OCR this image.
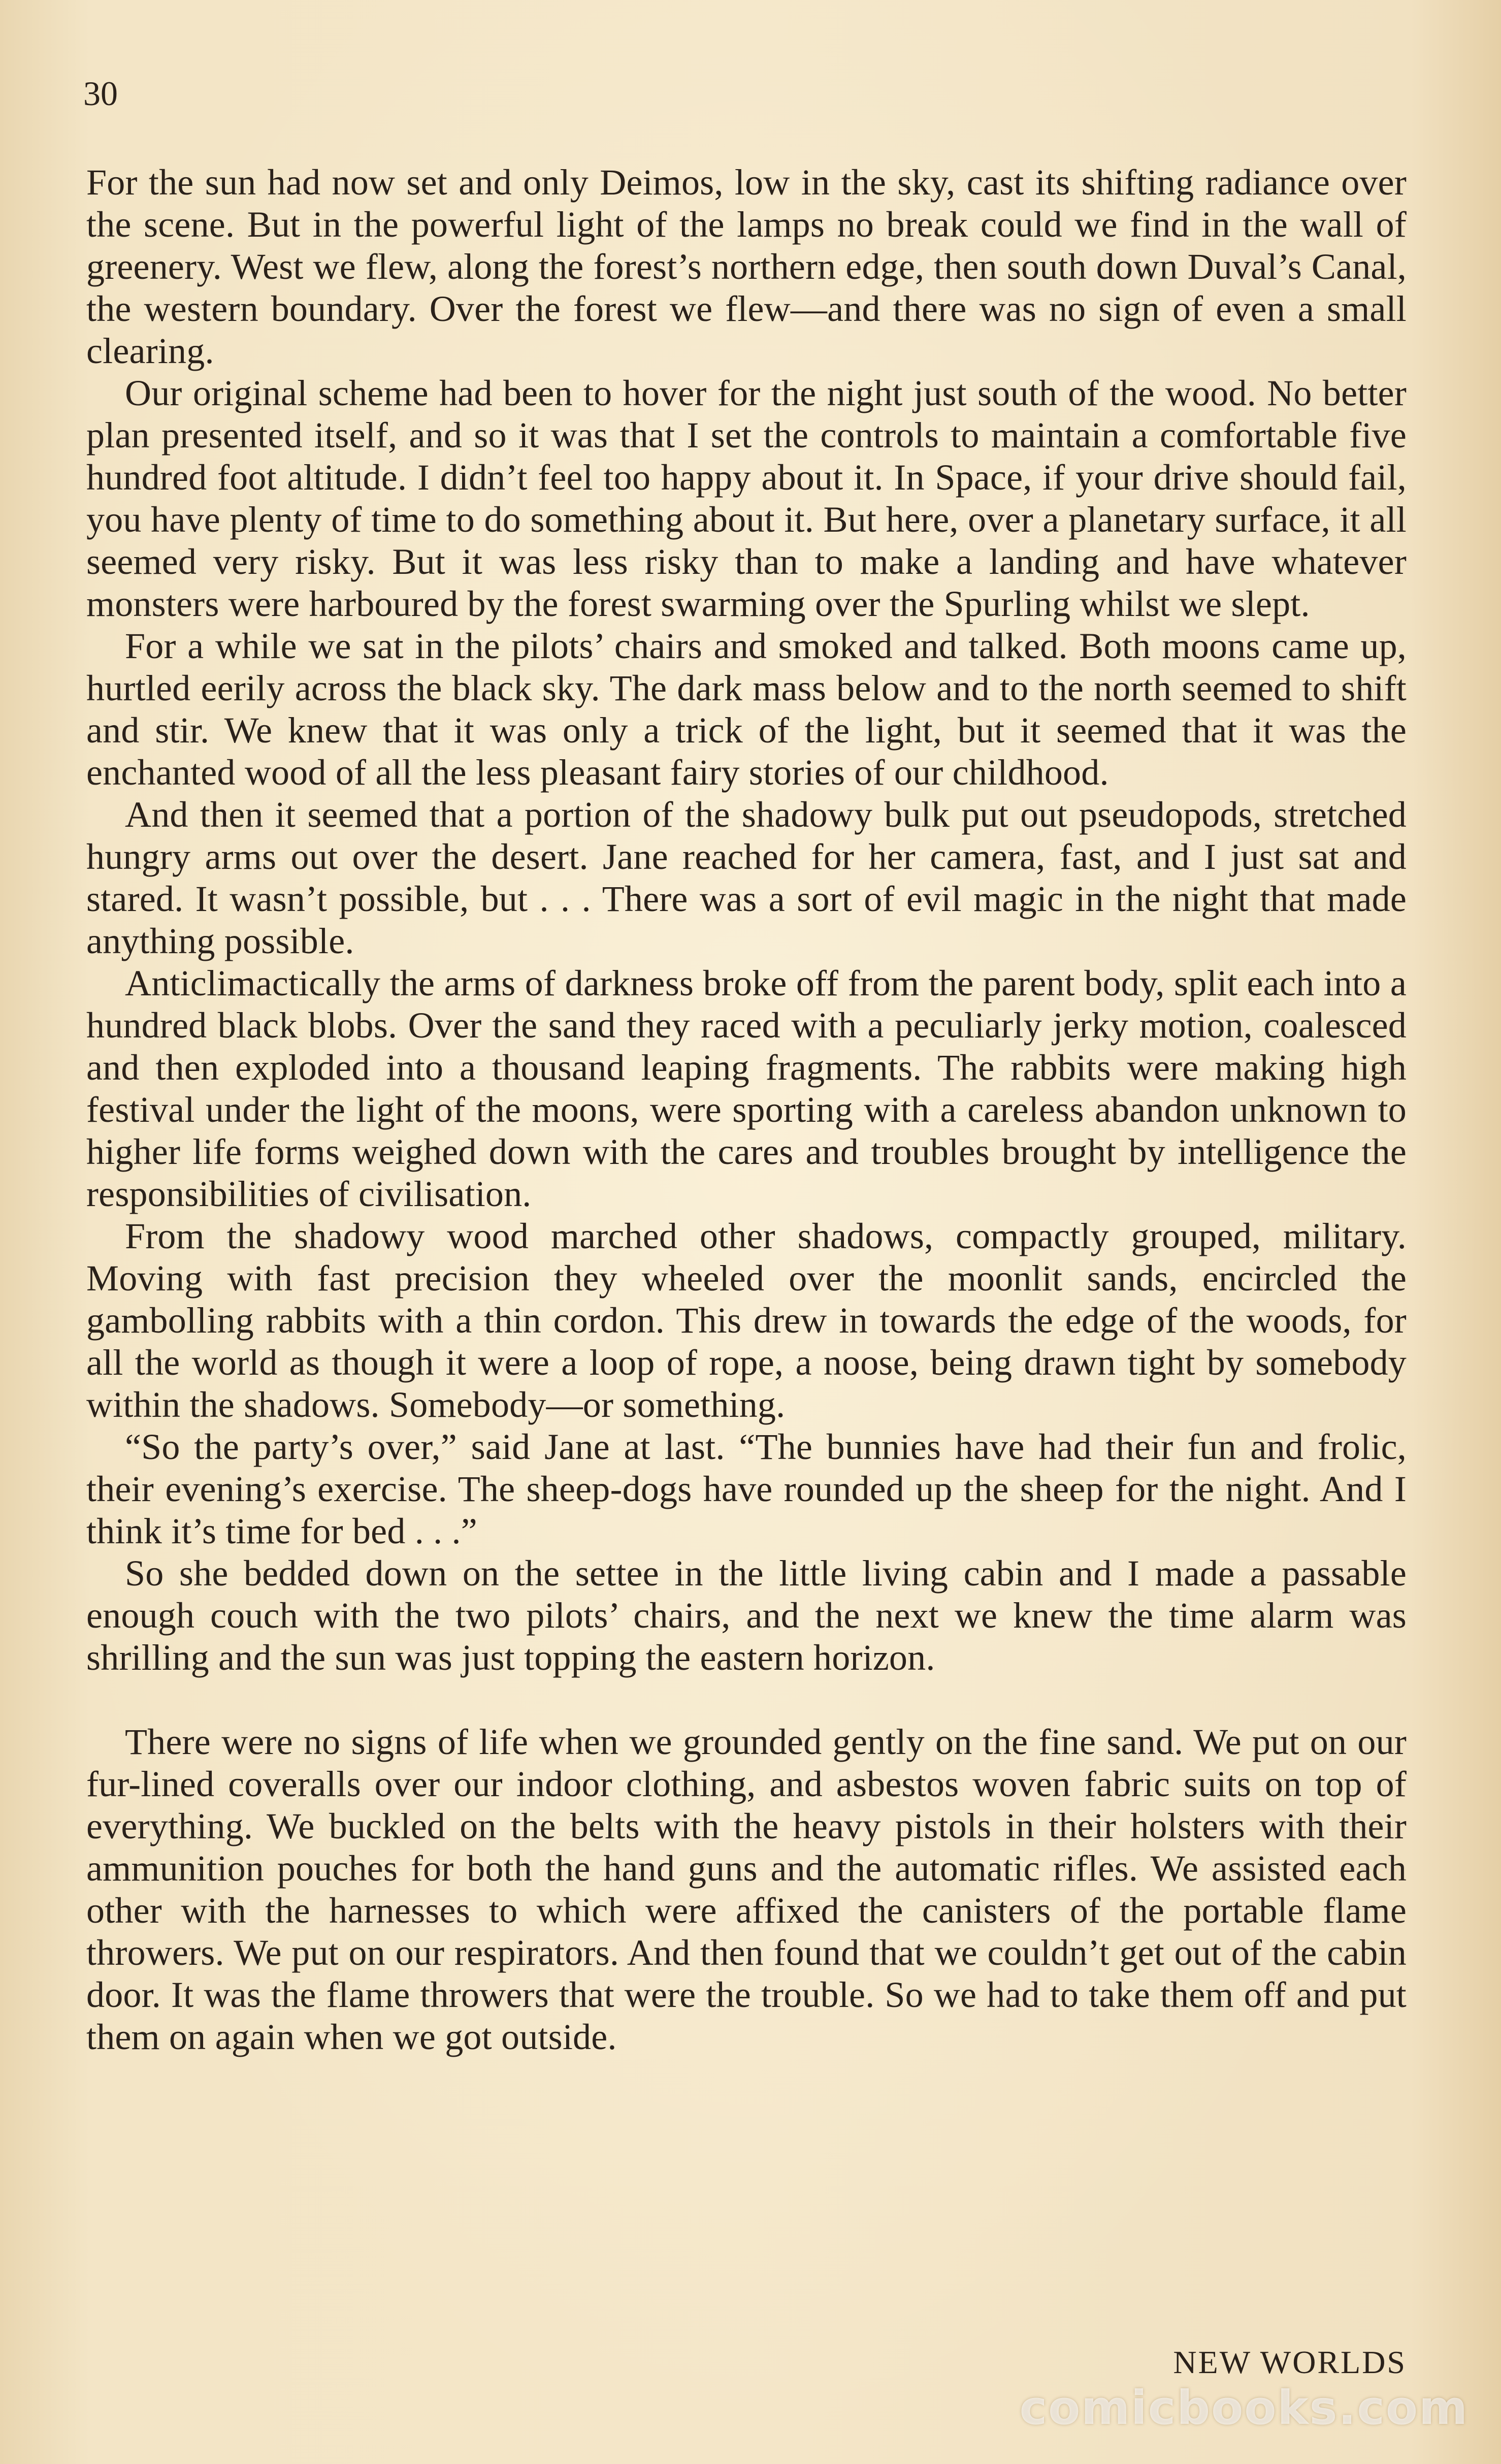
30

For the sun had now set and only Deimos, low in the sky, cast its shifting radiance over the scene. But in the powerful light of the lamps no break could we find in the wall of greenery. West we flew, along the forest’s northern edge, then south down Duval’s Canal, the western boundary. Over the forest we flew—and there was no sign of even a small clearing.

Our original scheme had been to hover for the night just south of the wood. No better plan presented itself, and so it was that I set the controls to maintain a comfortable five hundred foot altitude. I didn’t feel too happy about it. In Space, if your drive should fail, you have plenty of time to do something about it. But here, over a planetary surface, it all seemed very risky. But it was less risky than to make a landing and have whatever monsters were harboured by the forest swarming over the Spurling whilst we slept.

For a while we sat in the pilots’ chairs and smoked and talked. Both moons came up, hurtled eerily across the black sky. The dark mass below and to the north seemed to shift and stir. We knew that it was only a trick of the light, but it seemed that it was the enchanted wood of all the less pleasant fairy stories of our childhood.

And then it seemed that a portion of the shadowy bulk put out pseudopods, stretched hungry arms out over the desert. Jane reached for her camera, fast, and I just sat and stared. It wasn’t possible, but . . . There was a sort of evil magic in the night that made anything possible.

Anticlimactically the arms of darkness broke off from the parent body, split each into a hundred black blobs. Over the sand they raced with a peculiarly jerky motion, coalesced and then exploded into a thousand leaping fragments. The rabbits were making high festival under the light of the moons, were sporting with a careless abandon unknown to higher life forms weighed down with the cares and troubles brought by intelligence the responsibilities of civilisation.

From the shadowy wood marched other shadows, compactly grouped, military. Moving with fast precision they wheeled over the moonlit sands, encircled the gambolling rabbits with a thin cordon. This drew in towards the edge of the woods, for all the world as though it were a loop of rope, a noose, being drawn tight by somebody within the shadows. Somebody—or something.

“So the party’s over,” said Jane at last. “The bunnies have had their fun and frolic, their evening’s exercise. The sheep-dogs have rounded up the sheep for the night. And I think it’s time for bed . . .”

So she bedded down on the settee in the little living cabin and I made a passable enough couch with the two pilots’ chairs, and the next we knew the time alarm was shrilling and the sun was just topping the eastern horizon.

There were no signs of life when we grounded gently on the fine sand. We put on our fur-lined coveralls over our indoor clothing, and asbestos woven fabric suits on top of everything. We buckled on the belts with the heavy pistols in their holsters with their ammunition pouches for both the hand guns and the automatic rifles. We assisted each other with the harnesses to which were affixed the canisters of the portable flame throwers. We put on our respirators. And then found that we couldn’t get out of the cabin door. It was the flame throwers that were the trouble. So we had to take them off and put them on again when we got outside.

NEW WORLDS

comicbooks.com
